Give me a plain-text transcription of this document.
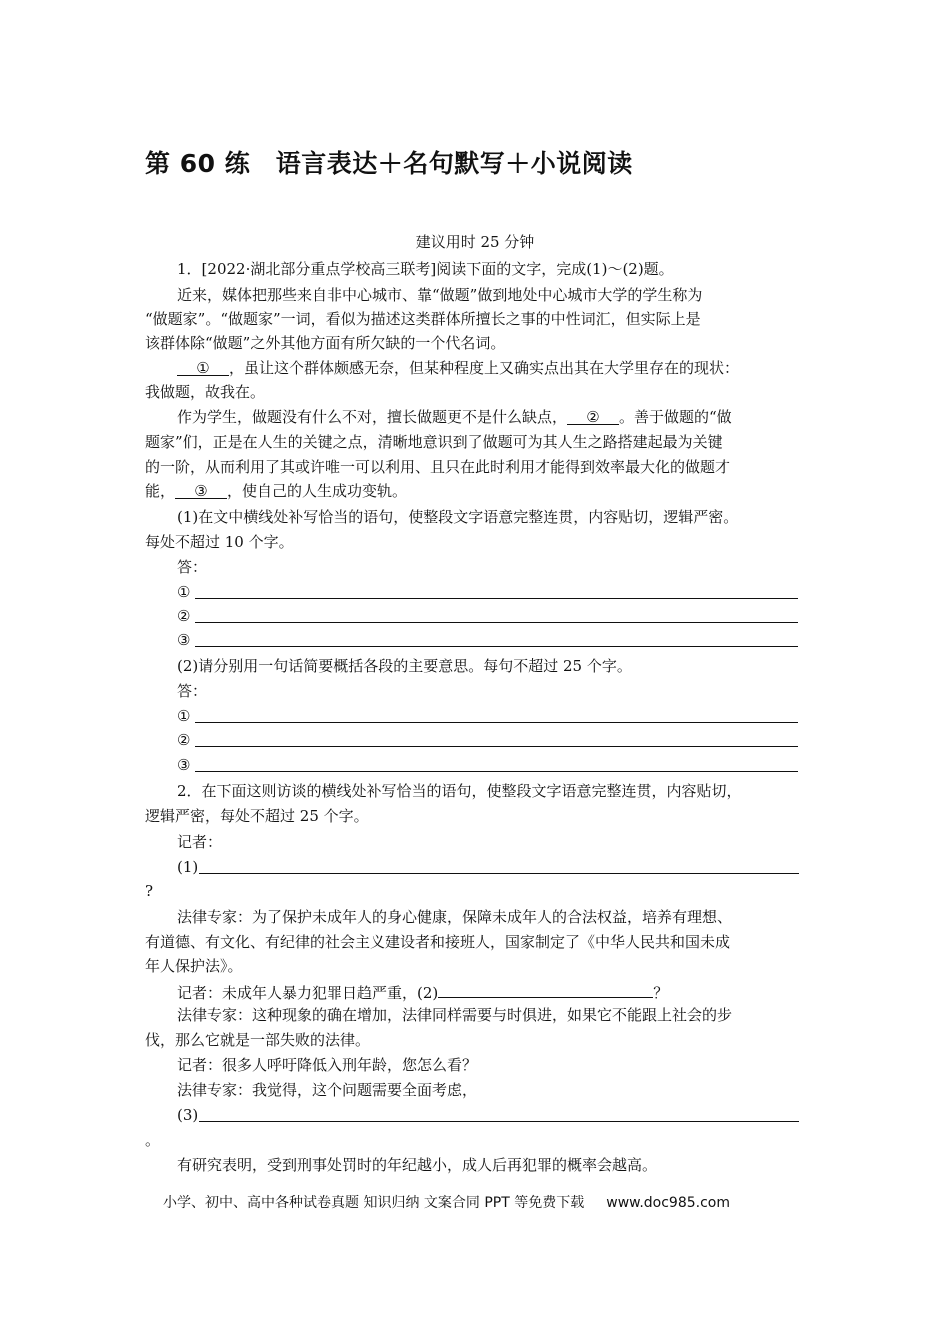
第 60 练　语言表达＋名句默写＋小说阅读
建议用时 25 分钟
1．[2022·湖北部分重点学校高三联考]阅读下面的文字，完成(1)～(2)题。
近来，媒体把那些来自非中心城市、靠“做题”做到地处中心城市大学的学生称为
“做题家”。“做题家”一词，看似为描述这类群体所擅长之事的中性词汇，但实际上是
该群体除“做题”之外其他方面有所欠缺的一个代名词。
① ，虽让这个群体颇感无奈，但某种程度上又确实点出其在大学里存在的现状：
我做题，故我在。
作为学生，做题没有什么不对，擅长做题更不是什么缺点， ② 。善于做题的“做
题家”们，正是在人生的关键之点，清晰地意识到了做题可为其人生之路搭建起最为关键
的一阶，从而利用了其或许唯一可以利用、且只在此时利用才能得到效率最大化的做题才
能， ③ ，使自己的人生成功变轨。
(1)在文中横线处补写恰当的语句，使整段文字语意完整连贯，内容贴切，逻辑严密。
每处不超过 10 个字。
答：
①
②
③
(2)请分别用一句话简要概括各段的主要意思。每句不超过 25 个字。
答：
①
②
③
2．在下面这则访谈的横线处补写恰当的语句，使整段文字语意完整连贯，内容贴切，
逻辑严密，每处不超过 25 个字。
记者：
(1)
?
法律专家：为了保护未成年人的身心健康，保障未成年人的合法权益，培养有理想、
有道德、有文化、有纪律的社会主义建设者和接班人，国家制定了《中华人民共和国未成
年人保护法》。
记者：未成年人暴力犯罪日趋严重，(2)	？
法律专家：这种现象的确在增加，法律同样需要与时俱进，如果它不能跟上社会的步
伐，那么它就是一部失败的法律。
记者：很多人呼吁降低入刑年龄，您怎么看？
法律专家：我觉得，这个问题需要全面考虑，
(3)
。
有研究表明，受到刑事处罚时的年纪越小，成人后再犯罪的概率会越高。
小学、初中、高中各种试卷真题 知识归纳 文案合同 PPT 等免费下载 www.doc985.com
